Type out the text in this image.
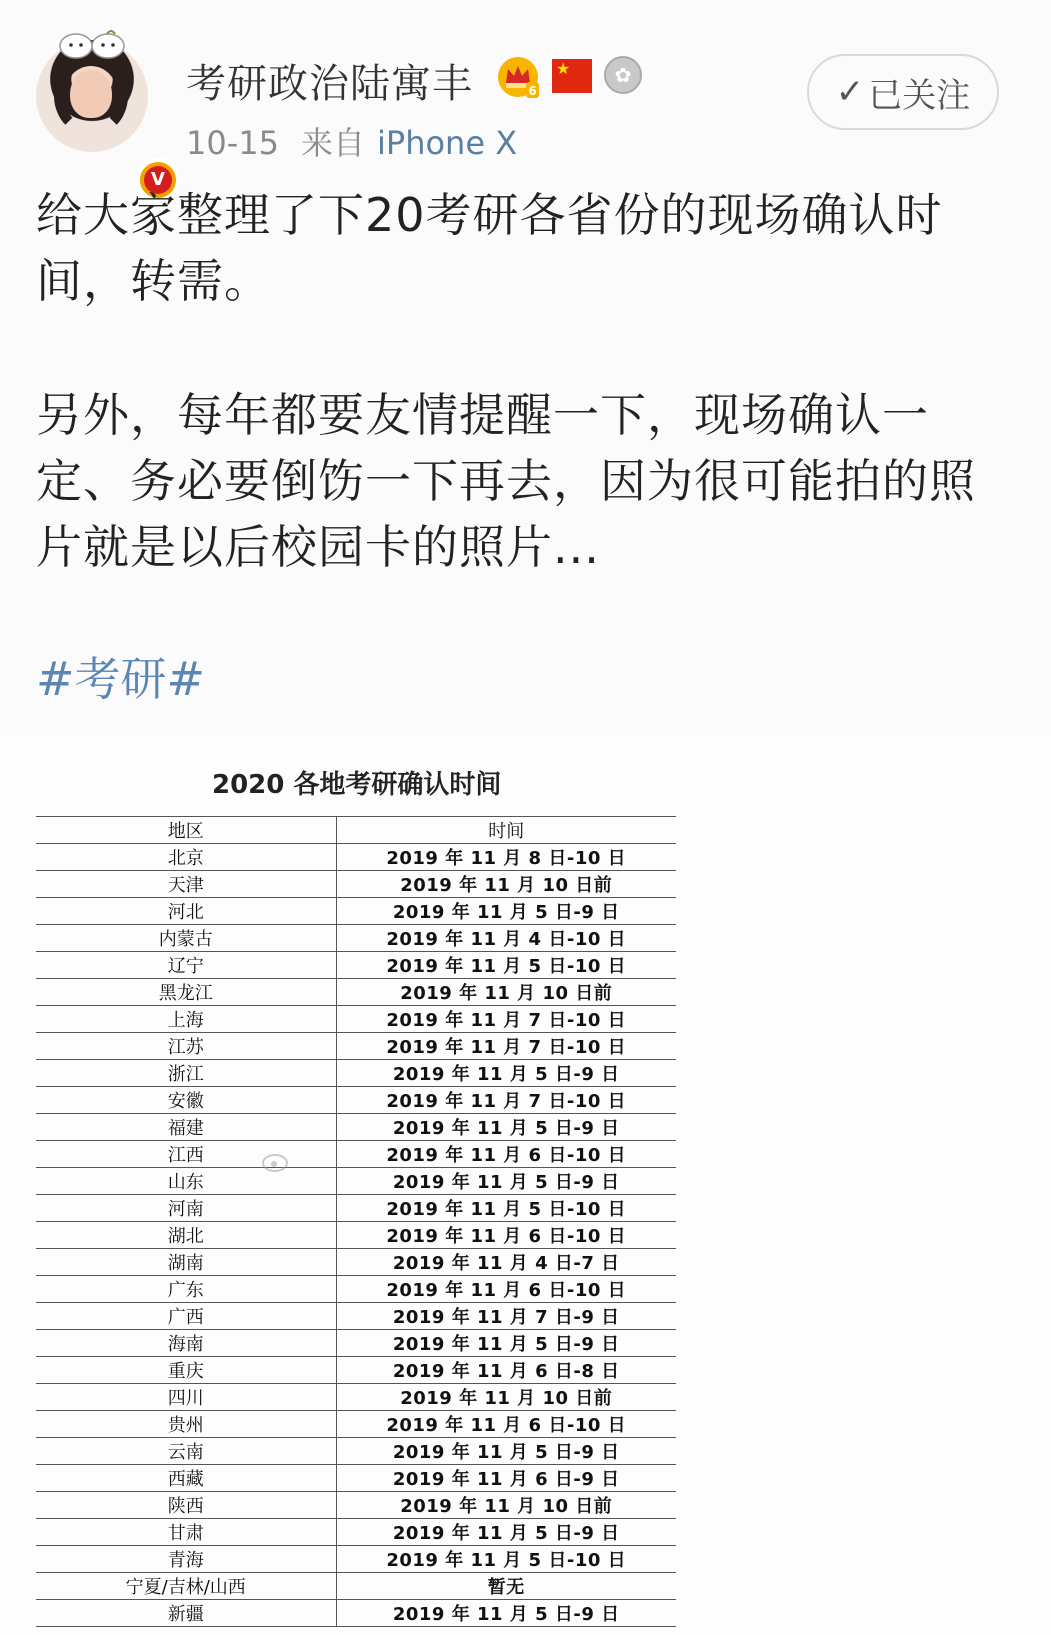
V
考研政治陆寓丰	6
★	✿
10-15 来自 iPhone X
✓ 已关注
给大家整理了下20考研各省份的现场确认时间，转需。
另外，每年都要友情提醒一下，现场确认一定、务必要倒饬一下再去，因为很可能拍的照片就是以后校园卡的照片...
#考研#
2020 各地考研确认时间
地区	时间
北京	2019 年 11 月 8 日-10 日
天津	2019 年 11 月 10 日前
河北	2019 年 11 月 5 日-9 日
内蒙古	2019 年 11 月 4 日-10 日
辽宁	2019 年 11 月 5 日-10 日
黑龙江	2019 年 11 月 10 日前
上海	2019 年 11 月 7 日-10 日
江苏	2019 年 11 月 7 日-10 日
浙江	2019 年 11 月 5 日-9 日
安徽	2019 年 11 月 7 日-10 日
福建	2019 年 11 月 5 日-9 日
江西	2019 年 11 月 6 日-10 日
山东	2019 年 11 月 5 日-9 日
河南	2019 年 11 月 5 日-10 日
湖北	2019 年 11 月 6 日-10 日
湖南	2019 年 11 月 4 日-7 日
广东	2019 年 11 月 6 日-10 日
广西	2019 年 11 月 7 日-9 日
海南	2019 年 11 月 5 日-9 日
重庆	2019 年 11 月 6 日-8 日
四川	2019 年 11 月 10 日前
贵州	2019 年 11 月 6 日-10 日
云南	2019 年 11 月 5 日-9 日
西藏	2019 年 11 月 6 日-9 日
陕西	2019 年 11 月 10 日前
甘肃	2019 年 11 月 5 日-9 日
青海	2019 年 11 月 5 日-10 日
宁夏/吉林/山西	暂无
新疆	2019 年 11 月 5 日-9 日
